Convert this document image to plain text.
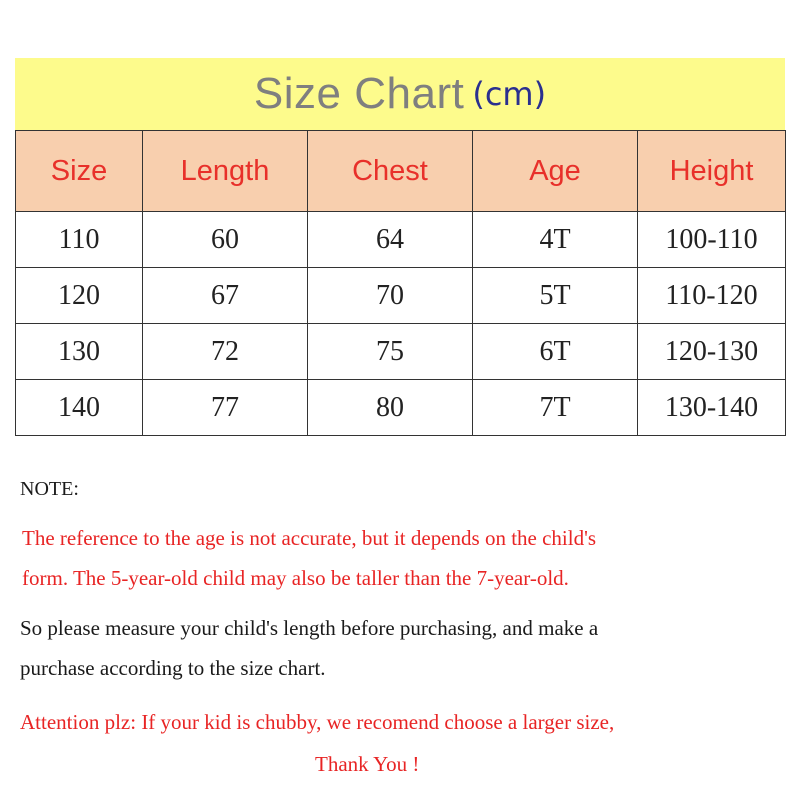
Size Chart (cm)
Size	Length	Chest	Age	Height
110	60	64	4T	100-110
120	67	70	5T	110-120
130	72	75	6T	120-130
140	77	80	7T	130-140
NOTE:
The reference to the age is not accurate, but it depends on the child's
form. The 5-year-old child may also be taller than the 7-year-old.
So please measure your child's length before purchasing, and make a
purchase according to the size chart.
Attention plz: If your kid is chubby, we recomend choose a larger size,
Thank You !
